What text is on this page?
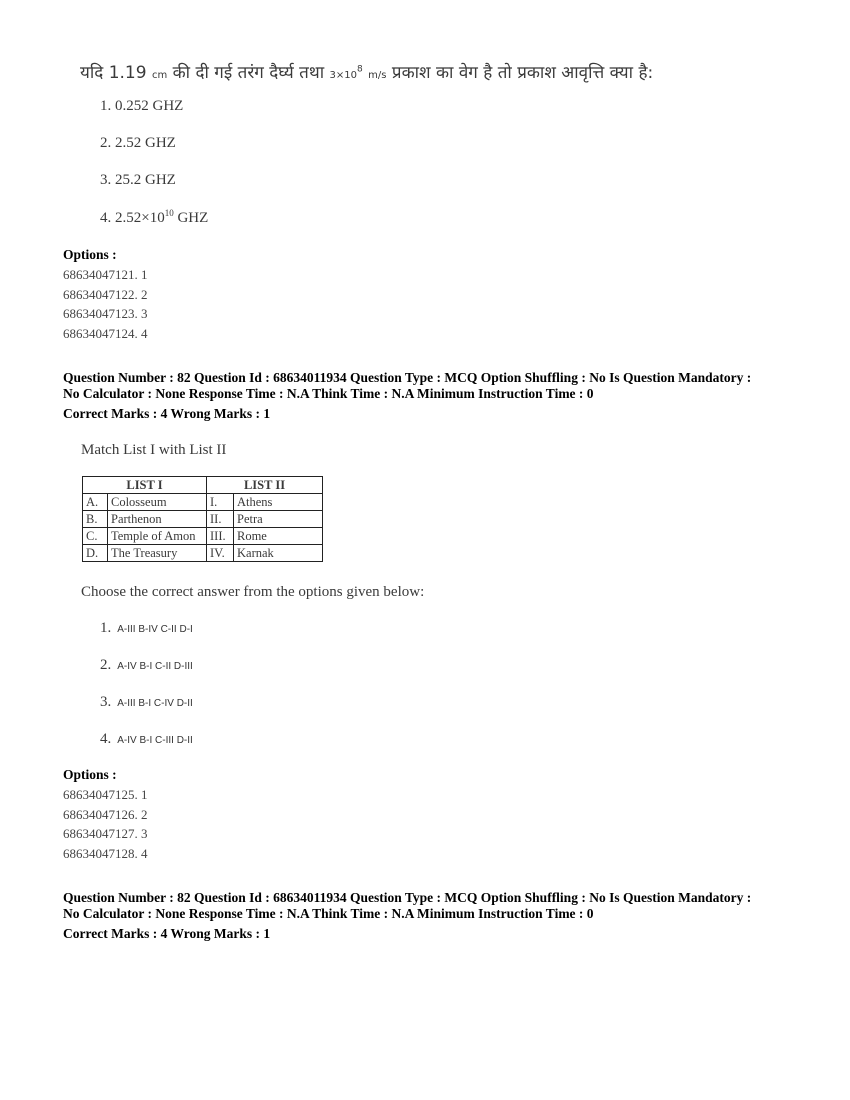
यदि 1.19 cm की दी गई तरंग दैर्घ्य तथा $3\times 10^8$ m/s प्रकाश का वेग है तो प्रकाश आवृत्ति क्या है:
1. 0.252 GHZ
2. 2.52 GHZ
3. 25.2 GHZ
4. $2.52\times 10^{10}$ GHZ
Options :
68634047121. 1
68634047122. 2
68634047123. 3
68634047124. 4
Question Number : 82 Question Id : 68634011934 Question Type : MCQ Option Shuffling : No Is Question Mandatory :
No Calculator : None Response Time : N.A Think Time : N.A Minimum Instruction Time : 0
Correct Marks : 4 Wrong Marks : 1
Match List I with List II
LIST I		LIST II	
A.	Colosseum	I.	Athens
B.	Parthenon	II.	Petra
C.	Temple of Amon	III.	Rome
D.	The Treasury	IV.	Karnak
Choose the correct answer from the options given below:
1. A-III B-IV C-II D-I
2. A-IV B-I C-II D-III
3. A-III B-I C-IV D-II
4. A-IV B-I C-III D-II
Options :
68634047125. 1
68634047126. 2
68634047127. 3
68634047128. 4
Question Number : 82 Question Id : 68634011934 Question Type : MCQ Option Shuffling : No Is Question Mandatory :
No Calculator : None Response Time : N.A Think Time : N.A Minimum Instruction Time : 0
Correct Marks : 4 Wrong Marks : 1
